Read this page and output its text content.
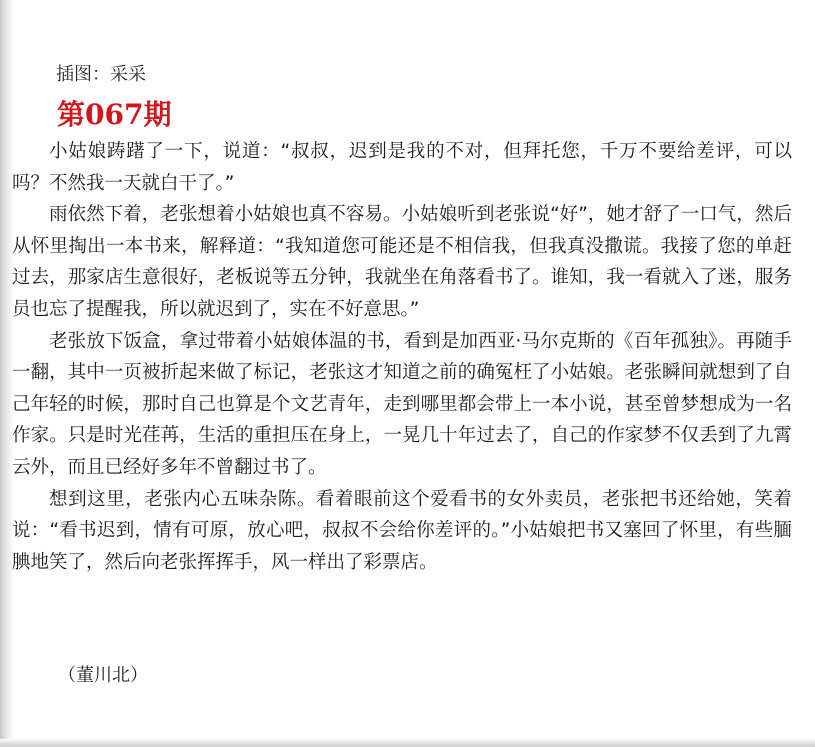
插图：采采
第067期

小姑娘踌躇了一下，说道：“叔叔，迟到是我的不对，但拜托您，千万不要给差评，可以吗？不然我一天就白干了。”

雨依然下着，老张想着小姑娘也真不容易。小姑娘听到老张说“好”，她才舒了一口气，然后从怀里掏出一本书来，解释道：“我知道您可能还是不相信我，但我真没撒谎。我接了您的单赶过去，那家店生意很好，老板说等五分钟，我就坐在角落看书了。谁知，我一看就入了迷，服务员也忘了提醒我，所以就迟到了，实在不好意思。”

老张放下饭盒，拿过带着小姑娘体温的书，看到是加西亚·马尔克斯的《百年孤独》。再随手一翻，其中一页被折起来做了标记，老张这才知道之前的确冤枉了小姑娘。老张瞬间就想到了自己年轻的时候，那时自己也算是个文艺青年，走到哪里都会带上一本小说，甚至曾梦想成为一名作家。只是时光荏苒，生活的重担压在身上，一晃几十年过去了，自己的作家梦不仅丢到了九霄云外，而且已经好多年不曾翻过书了。

想到这里，老张内心五味杂陈。看着眼前这个爱看书的女外卖员，老张把书还给她，笑着说：“看书迟到，情有可原，放心吧，叔叔不会给你差评的。”小姑娘把书又塞回了怀里，有些腼腆地笑了，然后向老张挥挥手，风一样出了彩票店。

（董川北）
